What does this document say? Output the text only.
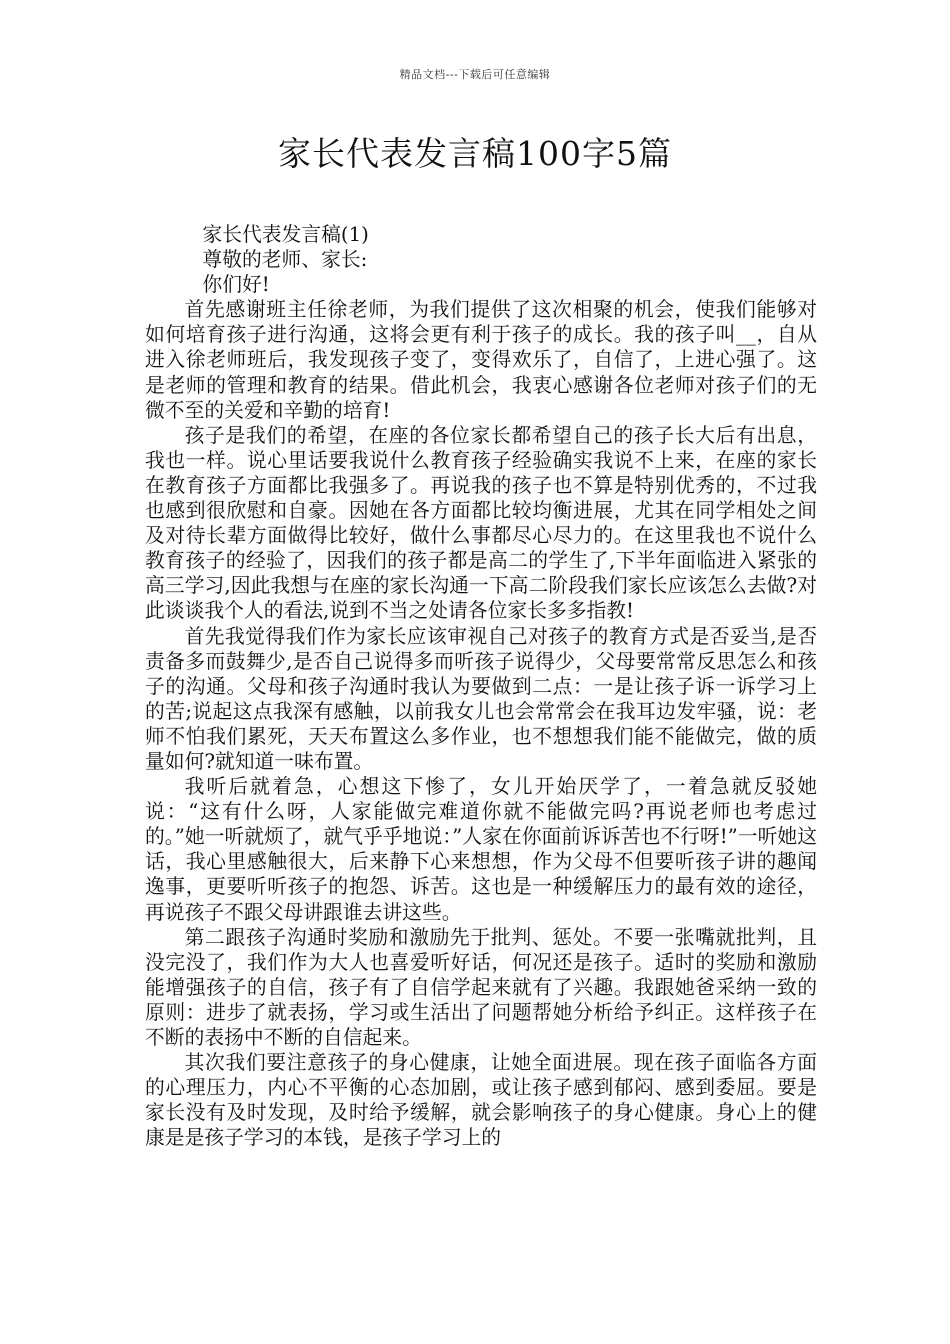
精品文档---下载后可任意编辑
家长代表发言稿100字5篇

家长代表发言稿(1)

尊敬的老师、家长:

你们好!

首先感谢班主任徐老师，为我们提供了这次相聚的机会，使我们能够对如何培育孩子进行沟通，这将会更有利于孩子的成长。我的孩子叫__，自从进入徐老师班后，我发现孩子变了，变得欢乐了，自信了，上进心强了。这是老师的管理和教育的结果。借此机会，我衷心感谢各位老师对孩子们的无微不至的关爱和辛勤的培育!

孩子是我们的希望，在座的各位家长都希望自己的孩子长大后有出息，我也一样。说心里话要我说什么教育孩子经验确实我说不上来，在座的家长在教育孩子方面都比我强多了。再说我的孩子也不算是特别优秀的，不过我也感到很欣慰和自豪。因她在各方面都比较均衡进展，尤其在同学相处之间及对待长辈方面做得比较好，做什么事都尽心尽力的。在这里我也不说什么教育孩子的经验了，因我们的孩子都是高二的学生了,下半年面临进入紧张的高三学习,因此我想与在座的家长沟通一下高二阶段我们家长应该怎么去做?对此谈谈我个人的看法,说到不当之处请各位家长多多指教!

首先我觉得我们作为家长应该审视自己对孩子的教育方式是否妥当,是否责备多而鼓舞少,是否自己说得多而听孩子说得少，父母要常常反思怎么和孩子的沟通。父母和孩子沟通时我认为要做到二点：一是让孩子诉一诉学习上的苦;说起这点我深有感触，以前我女儿也会常常会在我耳边发牢骚，说：老师不怕我们累死，天天布置这么多作业，也不想想我们能不能做完，做的质量如何?就知道一味布置。

我听后就着急，心想这下惨了，女儿开始厌学了，一着急就反驳她说：“这有什么呀，人家能做完难道你就不能做完吗?再说老师也考虑过的。”她一听就烦了，就气乎乎地说：”人家在你面前诉诉苦也不行呀!”一听她这话，我心里感触很大，后来静下心来想想，作为父母不但要听孩子讲的趣闻逸事，更要听听孩子的抱怨、诉苦。这也是一种缓解压力的最有效的途径，再说孩子不跟父母讲跟谁去讲这些。

第二跟孩子沟通时奖励和激励先于批判、惩处。不要一张嘴就批判，且没完没了，我们作为大人也喜爱听好话，何况还是孩子。适时的奖励和激励能增强孩子的自信，孩子有了自信学起来就有了兴趣。我跟她爸采纳一致的原则：进步了就表扬，学习或生活出了问题帮她分析给予纠正。这样孩子在不断的表扬中不断的自信起来。

其次我们要注意孩子的身心健康，让她全面进展。现在孩子面临各方面的心理压力，内心不平衡的心态加剧，或让孩子感到郁闷、感到委屈。要是家长没有及时发现，及时给予缓解，就会影响孩子的身心健康。身心上的健康是是孩子学习的本钱，是孩子学习上的
